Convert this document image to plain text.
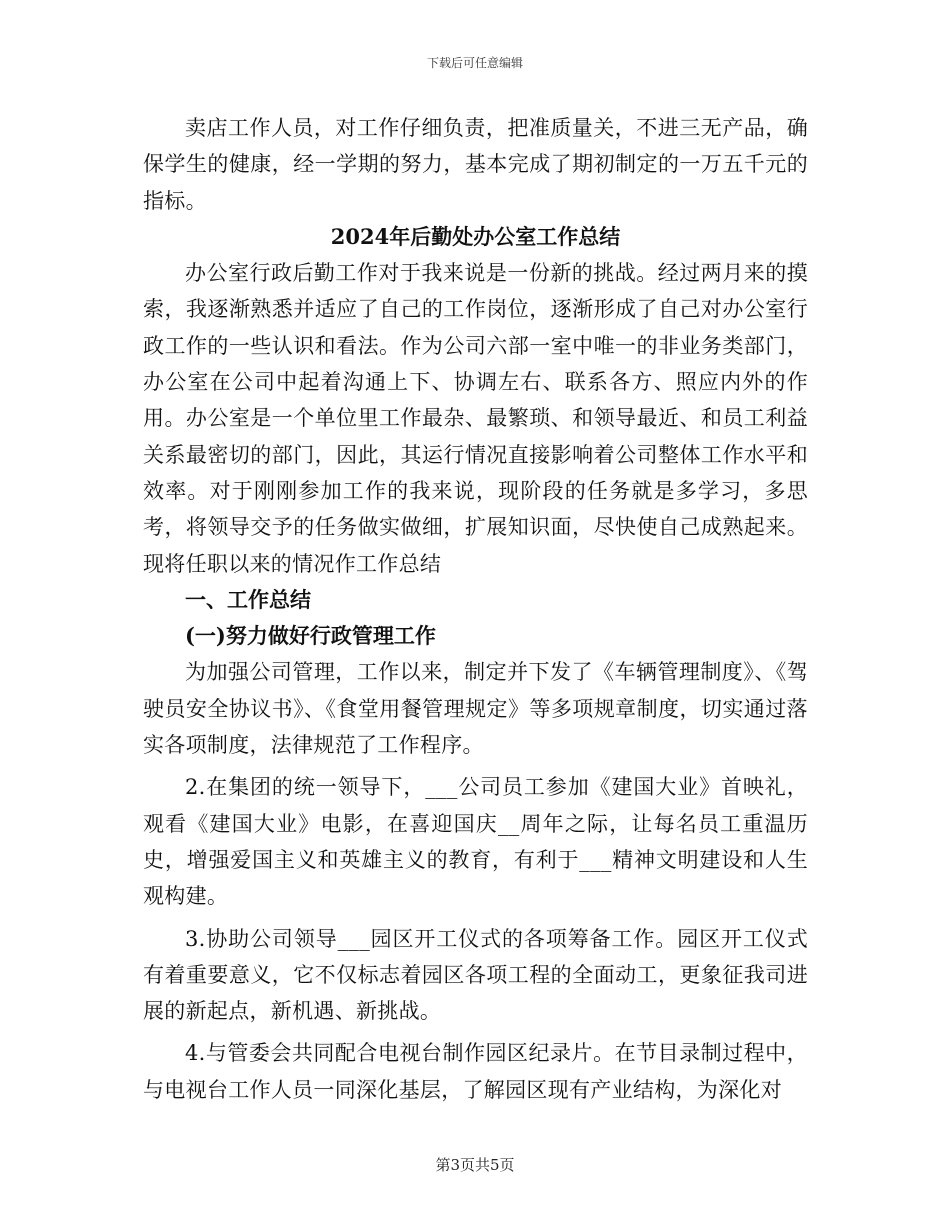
下载后可任意编辑

卖店工作人员，对工作仔细负责，把准质量关，不进三无产品，确保学生的健康，经一学期的努力，基本完成了期初制定的一万五千元的指标。

2024年后勤处办公室工作总结

办公室行政后勤工作对于我来说是一份新的挑战。经过两月来的摸索，我逐渐熟悉并适应了自己的工作岗位，逐渐形成了自己对办公室行政工作的一些认识和看法。作为公司六部一室中唯一的非业务类部门，办公室在公司中起着沟通上下、协调左右、联系各方、照应内外的作用。办公室是一个单位里工作最杂、最繁琐、和领导最近、和员工利益关系最密切的部门，因此，其运行情况直接影响着公司整体工作水平和效率。对于刚刚参加工作的我来说，现阶段的任务就是多学习，多思考，将领导交予的任务做实做细，扩展知识面，尽快使自己成熟起来。现将任职以来的情况作工作总结

一、工作总结

(一)努力做好行政管理工作

为加强公司管理，工作以来，制定并下发了《车辆管理制度》、《驾驶员安全协议书》、《食堂用餐管理规定》等多项规章制度，切实通过落实各项制度，法律规范了工作程序。

2.在集团的统一领导下，___公司员工参加《建国大业》首映礼，观看《建国大业》电影，在喜迎国庆__周年之际，让每名员工重温历史，增强爱国主义和英雄主义的教育，有利于___精神文明建设和人生观构建。

3.协助公司领导___园区开工仪式的各项筹备工作。园区开工仪式有着重要意义，它不仅标志着园区各项工程的全面动工，更象征我司进展的新起点，新机遇、新挑战。

4.与管委会共同配合电视台制作园区纪录片。在节目录制过程中，与电视台工作人员一同深化基层，了解园区现有产业结构，为深化对

第3页共5页
